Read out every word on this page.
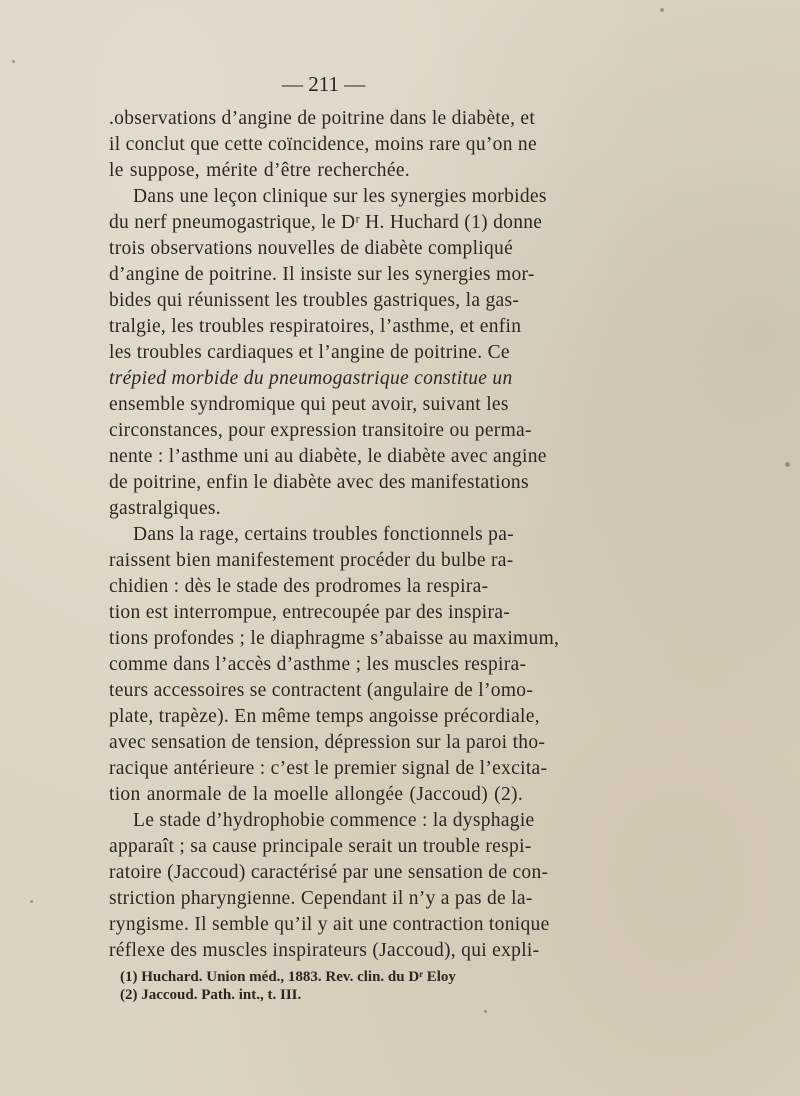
— 211 —
.observations d’angine de poitrine dans le diabète, et
il conclut que cette coïncidence, moins rare qu’on ne
le suppose, mérite d’être recherchée.
Dans une leçon clinique sur les synergies morbides
du nerf pneumogastrique, le Dʳ H. Huchard (1) donne
trois observations nouvelles de diabète compliqué
d’angine de poitrine. Il insiste sur les synergies mor-
bides qui réunissent les troubles gastriques, la gas-
tralgie, les troubles respiratoires, l’asthme, et enfin
les troubles cardiaques et l’angine de poitrine. Ce
trépied morbide du pneumogastrique constitue un
ensemble syndromique qui peut avoir, suivant les
circonstances, pour expression transitoire ou perma-
nente : l’asthme uni au diabète, le diabète avec angine
de poitrine, enfin le diabète avec des manifestations
gastralgiques.
Dans la rage, certains troubles fonctionnels pa-
raissent bien manifestement procéder du bulbe ra-
chidien : dès le stade des prodromes la respira-
tion est interrompue, entrecoupée par des inspira-
tions profondes ; le diaphragme s’abaisse au maximum,
comme dans l’accès d’asthme ; les muscles respira-
teurs accessoires se contractent (angulaire de l’omo-
plate, trapèze). En même temps angoisse précordiale,
avec sensation de tension, dépression sur la paroi tho-
racique antérieure : c’est le premier signal de l’excita-
tion anormale de la moelle allongée (Jaccoud) (2).
Le stade d’hydrophobie commence : la dysphagie
apparaît ; sa cause principale serait un trouble respi-
ratoire (Jaccoud) caractérisé par une sensation de con-
striction pharyngienne. Cependant il n’y a pas de la-
ryngisme. Il semble qu’il y ait une contraction tonique
réflexe des muscles inspirateurs (Jaccoud), qui expli-
(1) Huchard. Union méd., 1883. Rev. clin. du Dʳ Eloy
(2) Jaccoud. Path. int., t. III.
